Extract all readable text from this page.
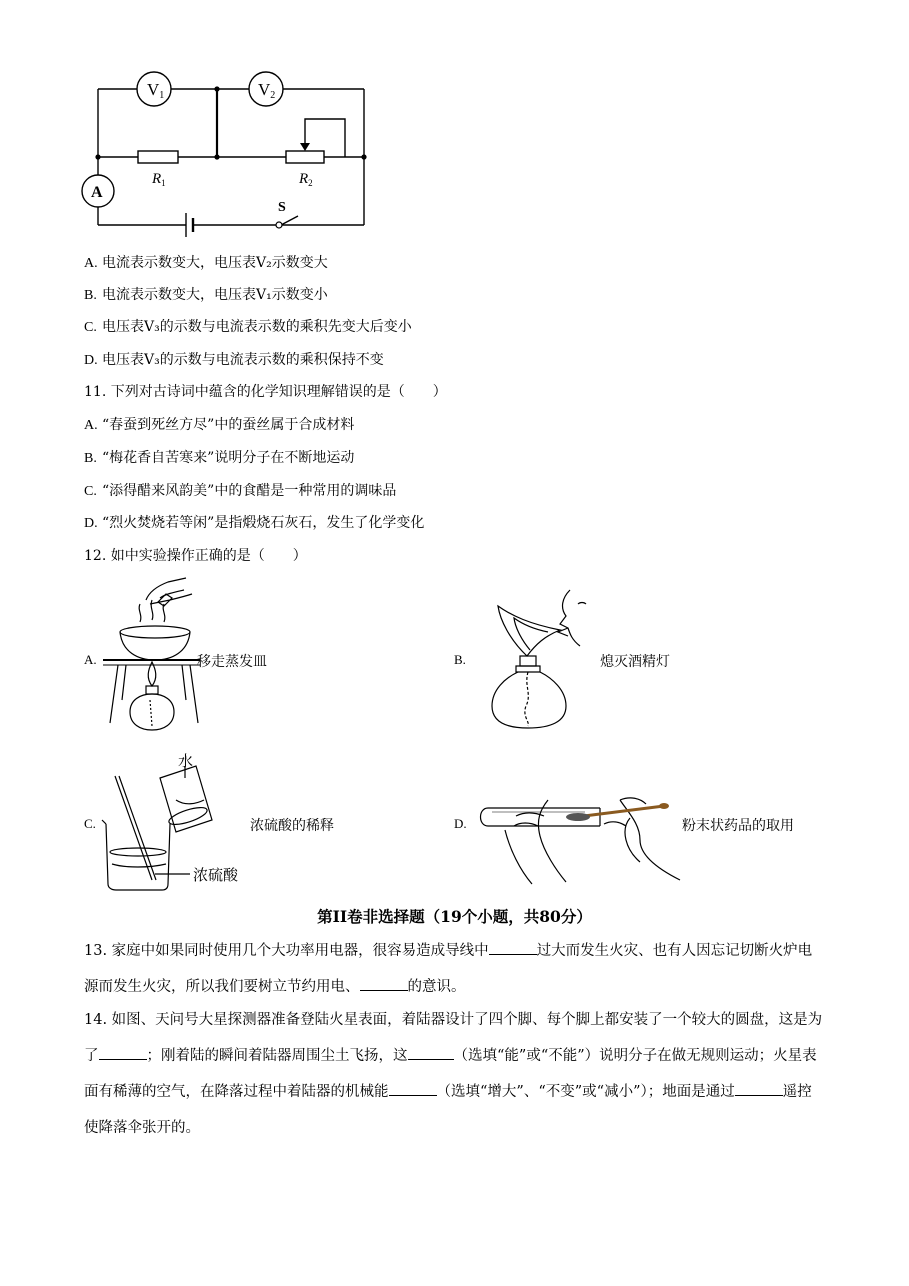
V1	V2
A
$R_1$	$R_2$
S
A. 电流表示数变大，电压表V₂示数变大
B. 电流表示数变大，电压表V₁示数变小
C. 电压表V₃的示数与电流表示数的乘积先变大后变小
D. 电压表V₃的示数与电流表示数的乘积保持不变
11. 下列对古诗词中蕴含的化学知识理解错误的是（　　）
A. “春蚕到死丝方尽”中的蚕丝属于合成材料
B. “梅花香自苦寒来”说明分子在不断地运动
C. “添得醋来风韵美”中的食醋是一种常用的调味品
D. “烈火焚烧若等闲”是指煅烧石灰石，发生了化学变化
12. 如中实验操作正确的是（　　）
A.	移走蒸发皿	B.	熄灭酒精灯
C.
水
浓硫酸
浓硫酸的稀释	D.	粉末状药品的取用
第II卷非选择题（19个小题，共80分）
13. 家庭中如果同时使用几个大功率用电器，很容易造成导线中	过大而发生火灾、也有人因忘记切断火炉电源而发生火灾，所以我们要树立节约用电、	的意识。
14. 如图、天问号大星探测器准备登陆火星表面，着陆器设计了四个脚、每个脚上都安装了一个较大的圆盘，这是为了	；刚着陆的瞬间着陆器周围尘土飞扬，这	（选填“能”或“不能”）说明分子在做无规则运动；火星表面有稀薄的空气，在降落过程中着陆器的机械能	（选填“增大”、“不变”或“减小”）；地面是通过	遥控使降落伞张开的。
